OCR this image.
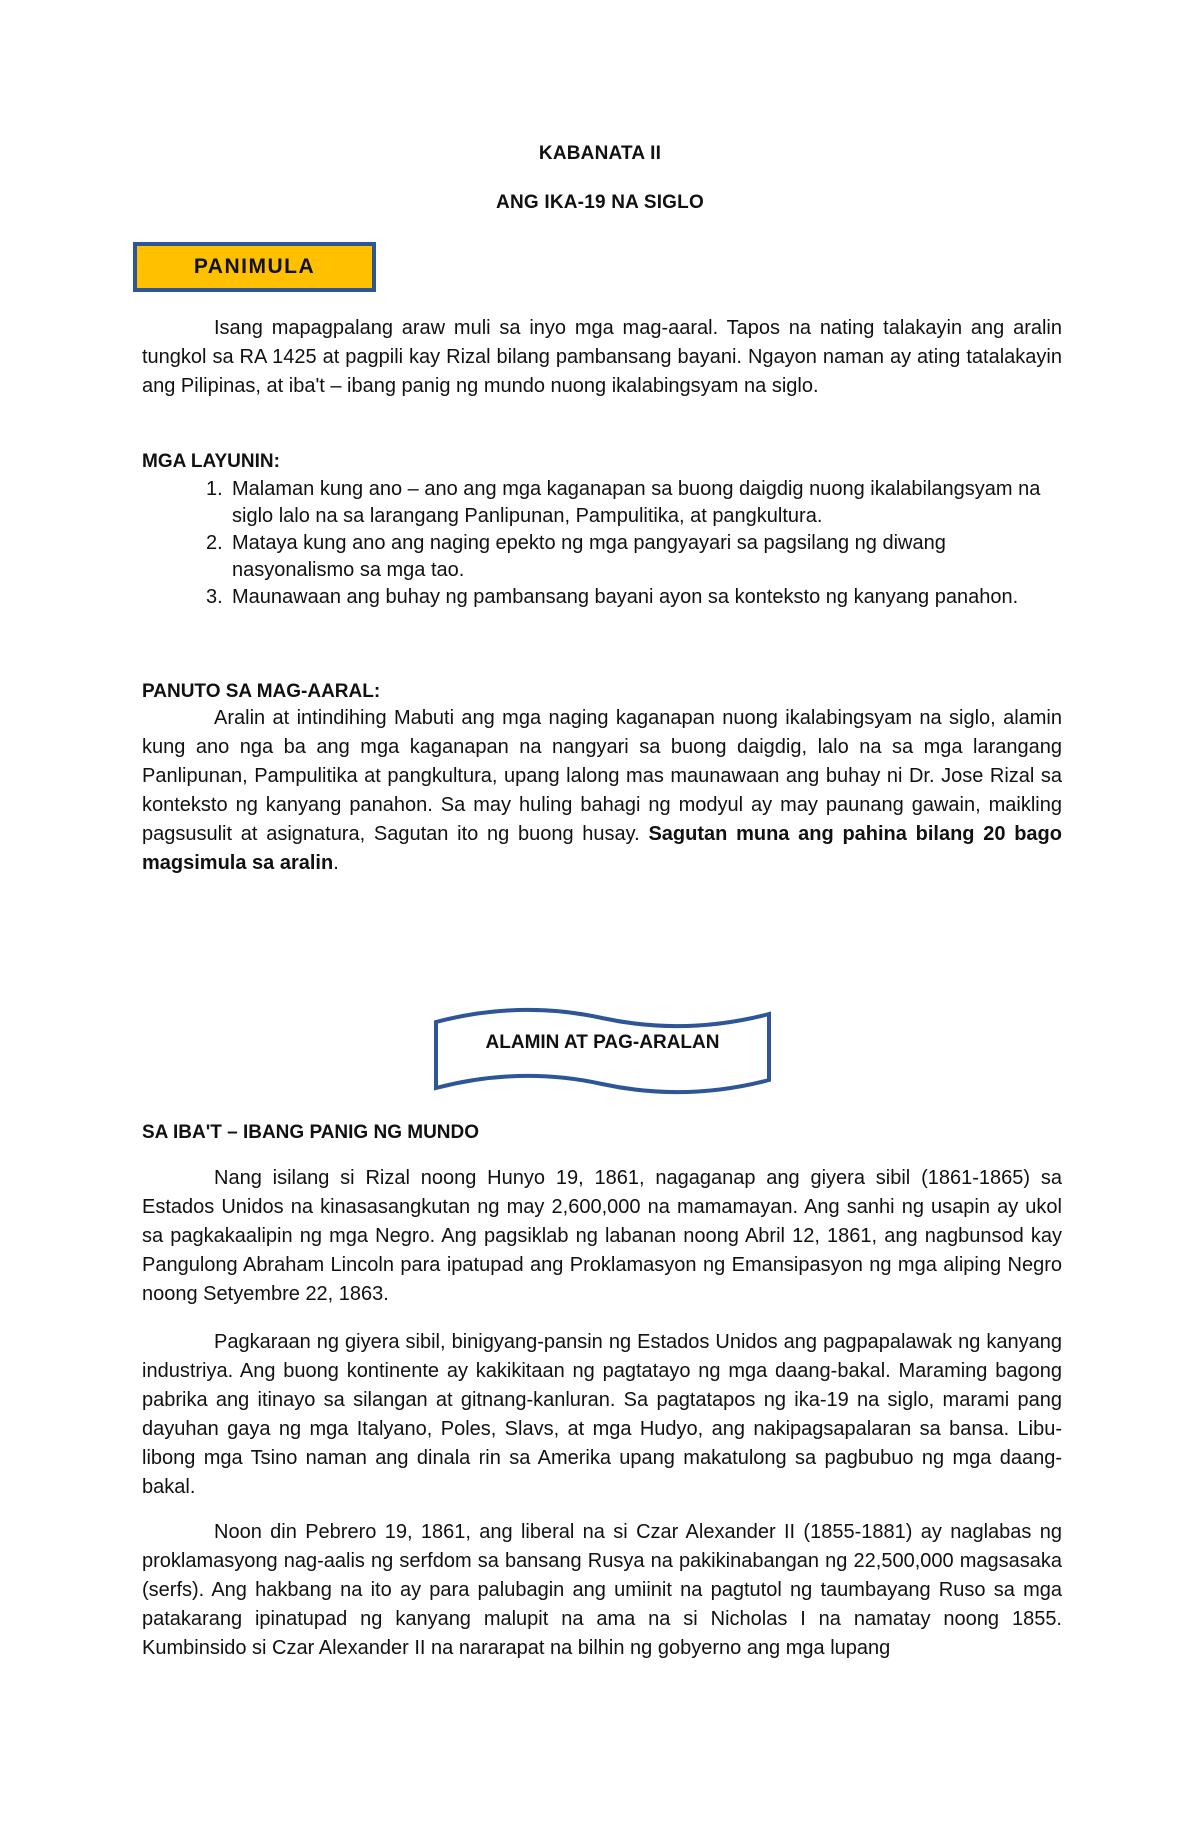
KABANATA II
ANG IKA-19 NA SIGLO
PANIMULA
Isang mapagpalang araw muli sa inyo mga mag-aaral. Tapos na nating talakayin ang aralin tungkol sa RA 1425 at pagpili kay Rizal bilang pambansang bayani. Ngayon naman ay ating tatalakayin ang Pilipinas, at iba't – ibang panig ng mundo nuong ikalabingsyam na siglo.
MGA LAYUNIN:
1. Malaman kung ano – ano ang mga kaganapan sa buong daigdig nuong ikalabilangsyam na siglo lalo na sa larangang Panlipunan, Pampulitika, at pangkultura.
2. Mataya kung ano ang naging epekto ng mga pangyayari sa pagsilang ng diwang nasyonalismo sa mga tao.
3. Maunawaan ang buhay ng pambansang bayani ayon sa konteksto ng kanyang panahon.
PANUTO SA MAG-AARAL:
Aralin at intindihing Mabuti ang mga naging kaganapan nuong ikalabingsyam na siglo, alamin kung ano nga ba ang mga kaganapan na nangyari sa buong daigdig, lalo na sa mga larangang Panlipunan, Pampulitika at pangkultura, upang lalong mas maunawaan ang buhay ni Dr. Jose Rizal sa konteksto ng kanyang panahon. Sa may huling bahagi ng modyul ay may paunang gawain, maikling pagsusulit at asignatura, Sagutan ito ng buong husay. Sagutan muna ang pahina bilang 20 bago magsimula sa aralin.
ALAMIN AT PAG-ARALAN
SA IBA'T – IBANG PANIG NG MUNDO
Nang isilang si Rizal noong Hunyo 19, 1861, nagaganap ang giyera sibil (1861-1865) sa Estados Unidos na kinasasangkutan ng may 2,600,000 na mamamayan. Ang sanhi ng usapin ay ukol sa pagkakaalipin ng mga Negro. Ang pagsiklab ng labanan noong Abril 12, 1861, ang nagbunsod kay Pangulong Abraham Lincoln para ipatupad ang Proklamasyon ng Emansipasyon ng mga aliping Negro noong Setyembre 22, 1863.
Pagkaraan ng giyera sibil, binigyang-pansin ng Estados Unidos ang pagpapalawak ng kanyang industriya. Ang buong kontinente ay kakikitaan ng pagtatayo ng mga daang-bakal. Maraming bagong pabrika ang itinayo sa silangan at gitnang-kanluran. Sa pagtatapos ng ika-19 na siglo, marami pang dayuhan gaya ng mga Italyano, Poles, Slavs, at mga Hudyo, ang nakipagsapalaran sa bansa. Libu-libong mga Tsino naman ang dinala rin sa Amerika upang makatulong sa pagbubuo ng mga daang-bakal.
Noon din Pebrero 19, 1861, ang liberal na si Czar Alexander II (1855-1881) ay naglabas ng proklamasyong nag-aalis ng serfdom sa bansang Rusya na pakikinabangan ng 22,500,000 magsasaka (serfs). Ang hakbang na ito ay para palubagin ang umiinit na pagtutol ng taumbayang Ruso sa mga patakarang ipinatupad ng kanyang malupit na ama na si Nicholas I na namatay noong 1855. Kumbinsido si Czar Alexander II na nararapat na bilhin ng gobyerno ang mga lupang
